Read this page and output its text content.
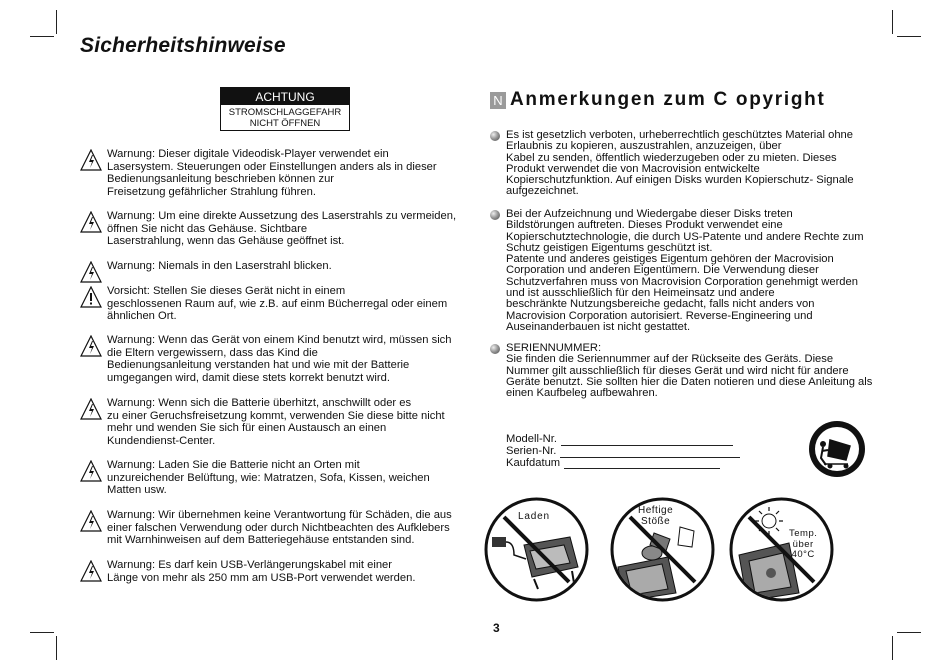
Sicherheitshinweise
ACHTUNG
STROMSCHLAGGEFAHR
NICHT ÖFFNEN
Warnung: Dieser digitale Videodisk-Player verwendet ein
Lasersystem. Steuerungen oder Einstellungen anders als in dieser
Bedienungsanleitung beschrieben können zur
Freisetzung gefährlicher Strahlung führen.
Warnung: Um eine direkte Aussetzung des Laserstrahls zu vermeiden,
öffnen Sie nicht das Gehäuse. Sichtbare
Laserstrahlung, wenn das Gehäuse geöffnet ist.
Warnung: Niemals in den Laserstrahl blicken.
Vorsicht: Stellen Sie dieses Gerät nicht in einem
geschlossenen Raum auf, wie z.B. auf einm Bücherregal oder einem
ähnlichen Ort.
Warnung: Wenn das Gerät von einem Kind benutzt wird, müssen sich
die Eltern vergewissern, dass das Kind die
Bedienungsanleitung verstanden hat und wie mit der Batterie
umgegangen wird, damit diese stets korrekt benutzt wird.
Warnung: Wenn sich die Batterie überhitzt, anschwillt oder es
zu einer Geruchsfreisetzung kommt, verwenden Sie diese bitte nicht
mehr und wenden Sie sich für einen Austausch an einen
Kundendienst-Center.
Warnung: Laden Sie die Batterie nicht an Orten mit
unzureichender Belüftung, wie: Matratzen, Sofa, Kissen, weichen
Matten usw.
Warnung: Wir übernehmen keine Verantwortung für Schäden, die aus
einer falschen Verwendung oder durch Nichtbeachten des Aufklebers
mit Warnhinweisen auf dem Batteriegehäuse entstanden sind.
Warnung: Es darf kein USB-Verlängerungskabel mit einer
Länge von mehr als 250 mm am USB-Port verwendet werden.
N Anmerkungen zum C opyright
Es ist gesetzlich verboten, urheberrechtlich geschütztes Material ohne
Erlaubnis zu kopieren, auszustrahlen, anzuzeigen, über
Kabel zu senden, öffentlich wiederzugeben oder zu mieten. Dieses
Produkt verwendet die von Macrovision entwickelte
Kopierschutzfunktion. Auf einigen Disks wurden Kopierschutz- Signale
aufgezeichnet.
Bei der Aufzeichnung und Wiedergabe dieser Disks treten
Bildstörungen auftreten. Dieses Produkt verwendet eine
Kopierschutztechnologie, die durch US-Patente und andere Rechte zum
Schutz geistigen Eigentums geschützt ist.
Patente und anderes geistiges Eigentum gehören der Macrovision
Corporation und anderen Eigentümern. Die Verwendung dieser
Schutzverfahren muss von Macrovision Corporation genehmigt werden
und ist ausschließlich für den Heimeinsatz und andere
beschränkte Nutzungsbereiche gedacht, falls nicht anders von
Macrovision Corporation autorisiert. Reverse-Engineering und
Auseinanderbauen ist nicht gestattet.
SERIENNUMMER:
Sie finden die Seriennummer auf der Rückseite des Geräts. Diese
Nummer gilt ausschließlich für dieses Gerät und wird nicht für andere
Geräte benutzt. Sie sollten hier die Daten notieren und diese Anleitung als
einen Kaufbeleg aufbewahren.
Modell-Nr.
Serien-Nr.
Kaufdatum
Laden
Heftige
Stöße
Temp.
über
40°C

3
